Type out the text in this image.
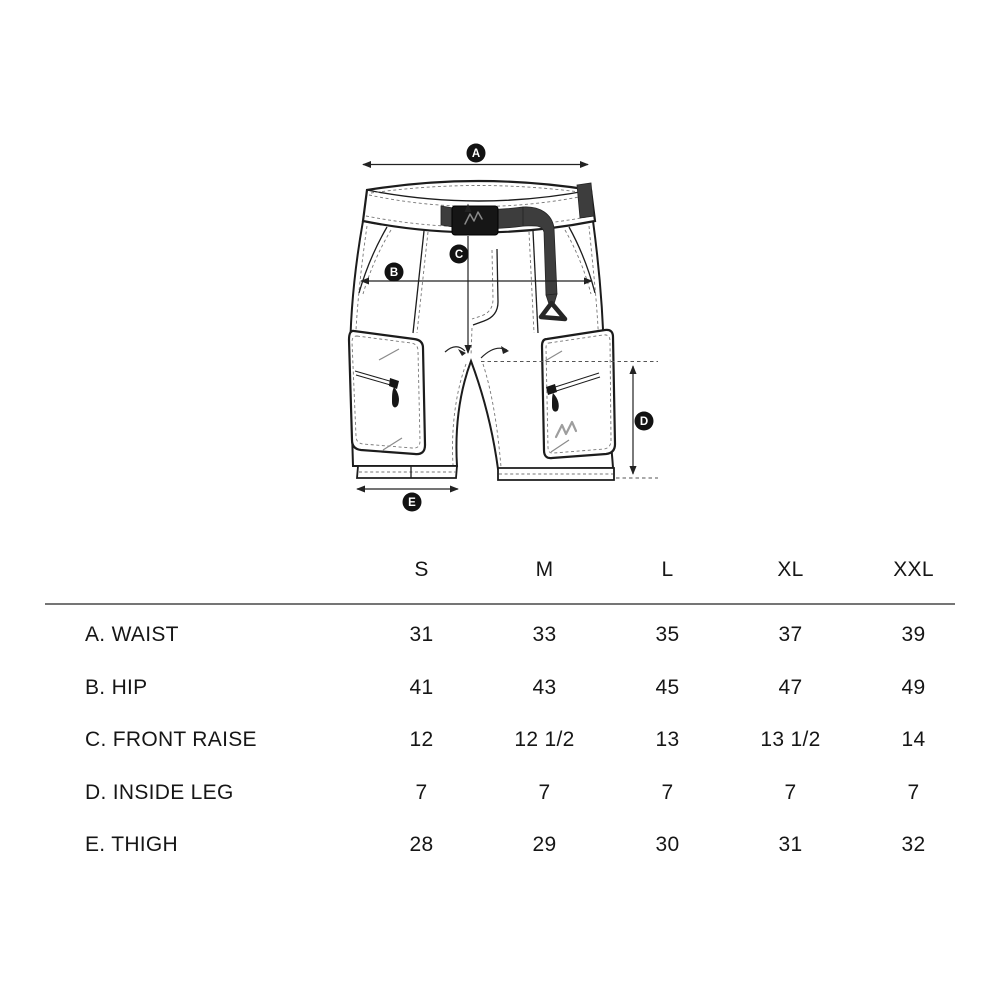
A
B
C
D
E
S	M	L	XL	XXL
A. WAIST	31	33	35	37	39
B. HIP	41	43	45	47	49
C. FRONT RAISE	12	12 1/2	13	13 1/2	14
D. INSIDE LEG	7	7	7	7	7
E. THIGH	28	29	30	31	32
